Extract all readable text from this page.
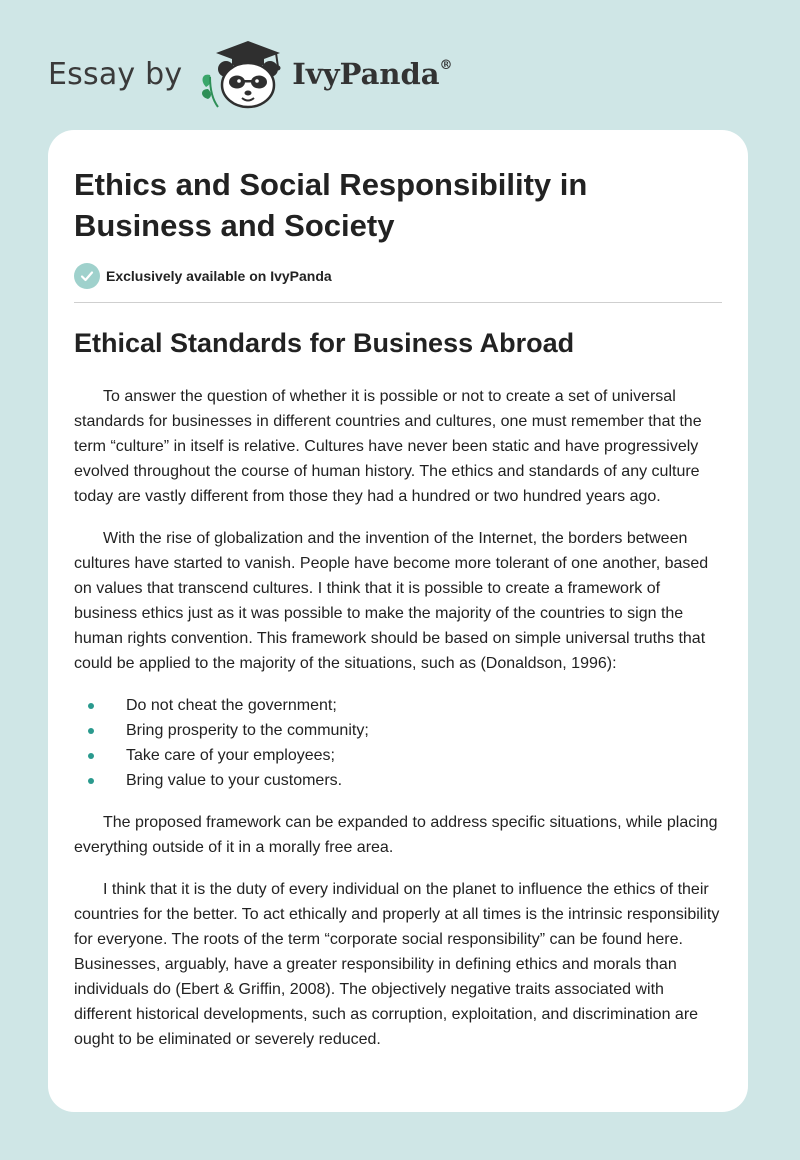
Essay by	IvyPanda®
Ethics and Social Responsibility in Business and Society
Exclusively available on IvyPanda
Ethical Standards for Business Abroad

To answer the question of whether it is possible or not to create a set of universal standards for businesses in different countries and cultures, one must remember that the term “culture” in itself is relative. Cultures have never been static and have progressively evolved throughout the course of human history. The ethics and standards of any culture today are vastly different from those they had a hundred or two hundred years ago.

With the rise of globalization and the invention of the Internet, the borders between cultures have started to vanish. People have become more tolerant of one another, based on values that transcend cultures. I think that it is possible to create a framework of business ethics just as it was possible to make the majority of the countries to sign the human rights convention. This framework should be based on simple universal truths that could be applied to the majority of the situations, such as (Donaldson, 1996):

Do not cheat the government;
Bring prosperity to the community;
Take care of your employees;
Bring value to your customers.

The proposed framework can be expanded to address specific situations, while placing everything outside of it in a morally free area.

I think that it is the duty of every individual on the planet to influence the ethics of their countries for the better. To act ethically and properly at all times is the intrinsic responsibility for everyone. The roots of the term “corporate social responsibility” can be found here. Businesses, arguably, have a greater responsibility in defining ethics and morals than individuals do (Ebert & Griffin, 2008). The objectively negative traits associated with different historical developments, such as corruption, exploitation, and discrimination are ought to be eliminated or severely reduced.
